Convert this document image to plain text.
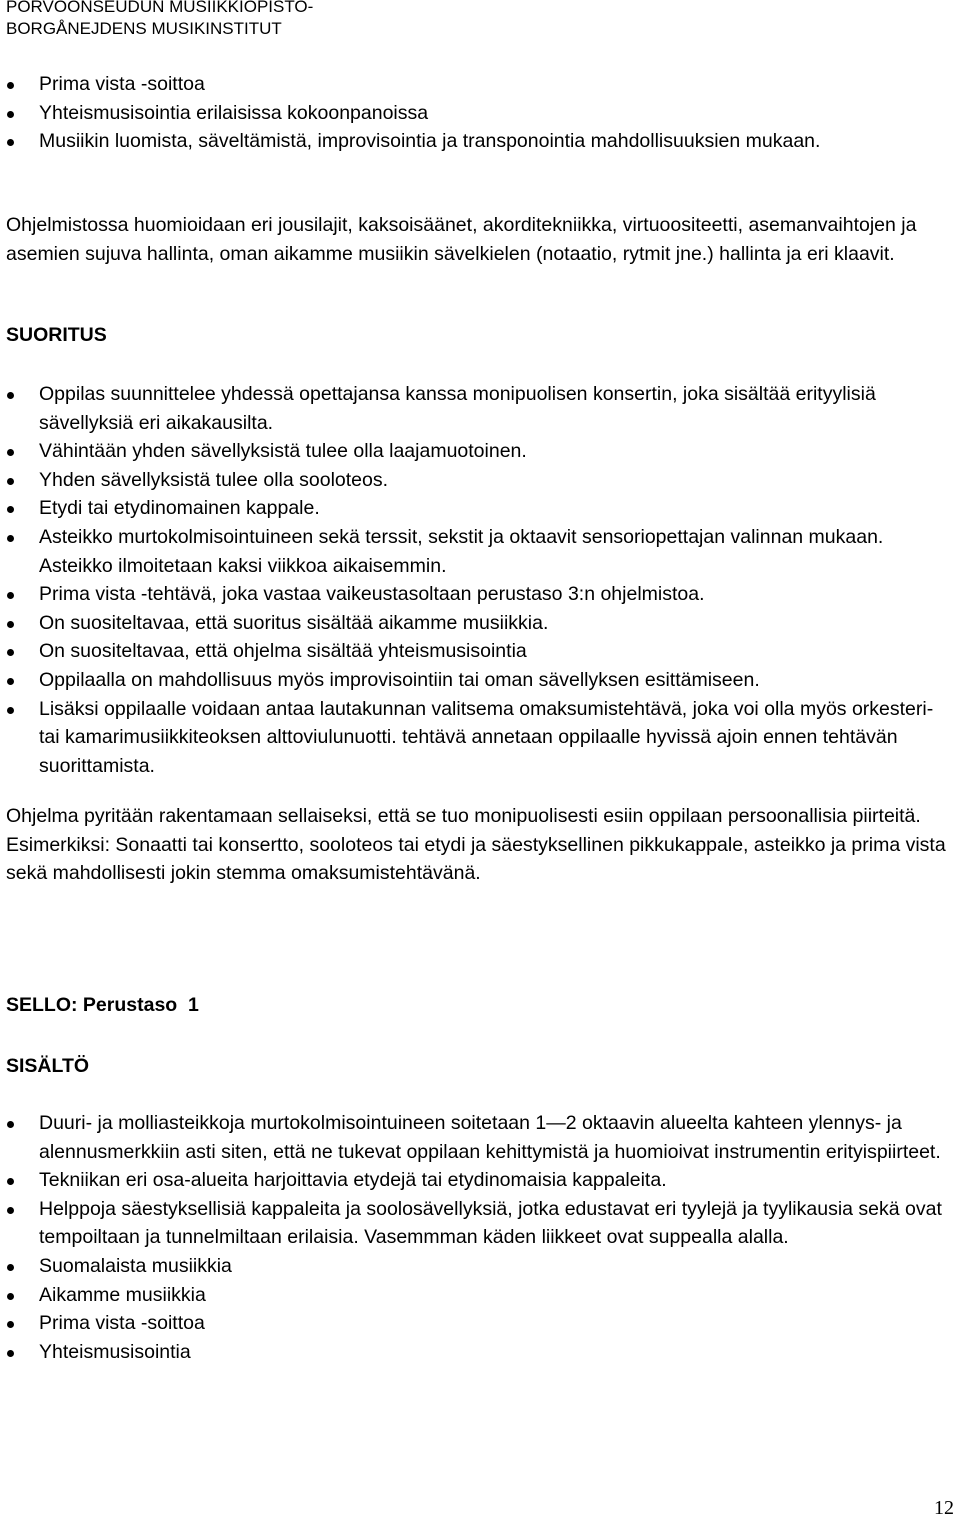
PORVOONSEUDUN MUSIIKKIOPISTO-
BORGÅNEJDENS MUSIKINSTITUT
Prima vista -soittoa
Yhteismusisointia erilaisissa kokoonpanoissa
Musiikin luomista, säveltämistä, improvisointia ja transponointia mahdollisuuksien mukaan.

Ohjelmistossa huomioidaan eri jousilajit, kaksoisäänet, akorditekniikka, virtuoositeetti, asemanvaihtojen ja asemien sujuva hallinta, oman aikamme musiikin sävelkielen (notaatio, rytmit jne.) hallinta ja eri klaavit.

SUORITUS

Oppilas suunnittelee yhdessä opettajansa kanssa monipuolisen konsertin, joka sisältää erityylisiä sävellyksiä eri aikakausilta.
Vähintään yhden sävellyksistä tulee olla laajamuotoinen.
Yhden sävellyksistä tulee olla sooloteos.
Etydi tai etydinomainen kappale.
Asteikko murtokolmisointuineen sekä terssit, sekstit ja oktaavit sensoriopettajan valinnan mukaan. Asteikko ilmoitetaan kaksi viikkoa aikaisemmin.
Prima vista -tehtävä, joka vastaa vaikeustasoltaan perustaso 3:n ohjelmistoa.
On suositeltavaa, että suoritus sisältää aikamme musiikkia.
On suositeltavaa, että ohjelma sisältää yhteismusisointia
Oppilaalla on mahdollisuus myös improvisointiin tai oman sävellyksen esittämiseen.
Lisäksi oppilaalle voidaan antaa lautakunnan valitsema omaksumistehtävä, joka voi olla myös orkesteri- tai kamarimusiikkiteoksen alttoviulunuotti. tehtävä annetaan oppilaalle hyvissä ajoin ennen tehtävän suorittamista.

Ohjelma pyritään rakentamaan sellaiseksi, että se tuo monipuolisesti esiin oppilaan persoonallisia piirteitä. Esimerkiksi: Sonaatti tai konsertto, sooloteos tai etydi ja säestyksellinen pikkukappale, asteikko ja prima vista sekä mahdollisesti jokin stemma omaksumistehtävänä.

SELLO: Perustaso  1

SISÄLTÖ

Duuri- ja molliasteikkoja murtokolmisointuineen soitetaan 1—2 oktaavin alueelta kahteen ylennys- ja alennusmerkkiin asti siten, että ne tukevat oppilaan kehittymistä ja huomioivat instrumentin erityispiirteet.
Tekniikan eri osa-alueita harjoittavia etydejä tai etydinomaisia kappaleita.
Helppoja säestyksellisiä kappaleita ja soolosävellyksiä, jotka edustavat eri tyylejä ja tyylikausia sekä ovat tempoiltaan ja tunnelmiltaan erilaisia. Vasemmman käden liikkeet ovat suppealla alalla.
Suomalaista musiikkia
Aikamme musiikkia
Prima vista -soittoa
Yhteismusisointia
12
